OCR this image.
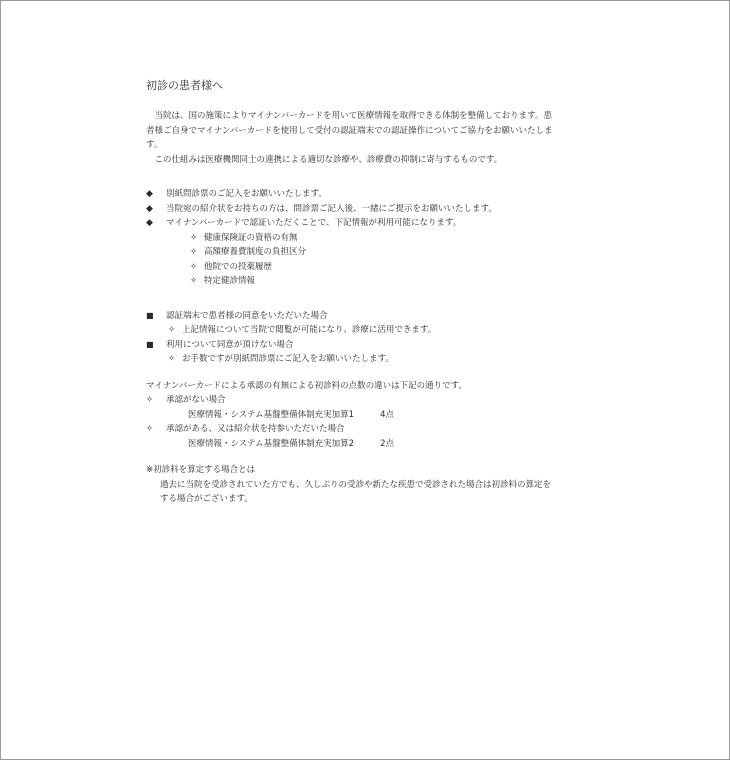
初診の患者様へ

当院は、国の施策によりマイナンバーカードを用いて医療情報を取得できる体制を整備しております。患者様ご自身でマイナンバーカードを使用して受付の認証端末での認証操作についてご協力をお願いいたします。

この仕組みは医療機関同士の連携による適切な診療や、診療費の抑制に寄与するものです。

◆	別紙問診票のご記入をお願いいたします。
◆	当院宛の紹介状をお持ちの方は、問診票ご記入後、一緒にご提示をお願いいたします。
◆	マイナンバーカードで認証いただくことで、下記情報が利用可能になります。
✧ 健康保険証の資格の有無
✧ 高額療養費制度の負担区分
✧ 他院での投薬履歴
✧ 特定健診情報
■	認証端末で患者様の同意をいただいた場合
✧ 上記情報について当院で閲覧が可能になり、診療に活用できます。
■	利用について同意が頂けない場合
✧ お手数ですが別紙問診票にご記入をお願いいたします。
マイナンバーカードによる承認の有無による初診料の点数の違いは下記の通りです。
✧	承認がない場合
医療情報・システム基盤整備体制充実加算1	4点
✧	承認がある、又は紹介状を持参いただいた場合
医療情報・システム基盤整備体制充実加算2	2点
※初診料を算定する場合とは
過去に当院を受診されていた方でも、久しぶりの受診や新たな疾患で受診された場合は初診料の算定をする場合がございます。
